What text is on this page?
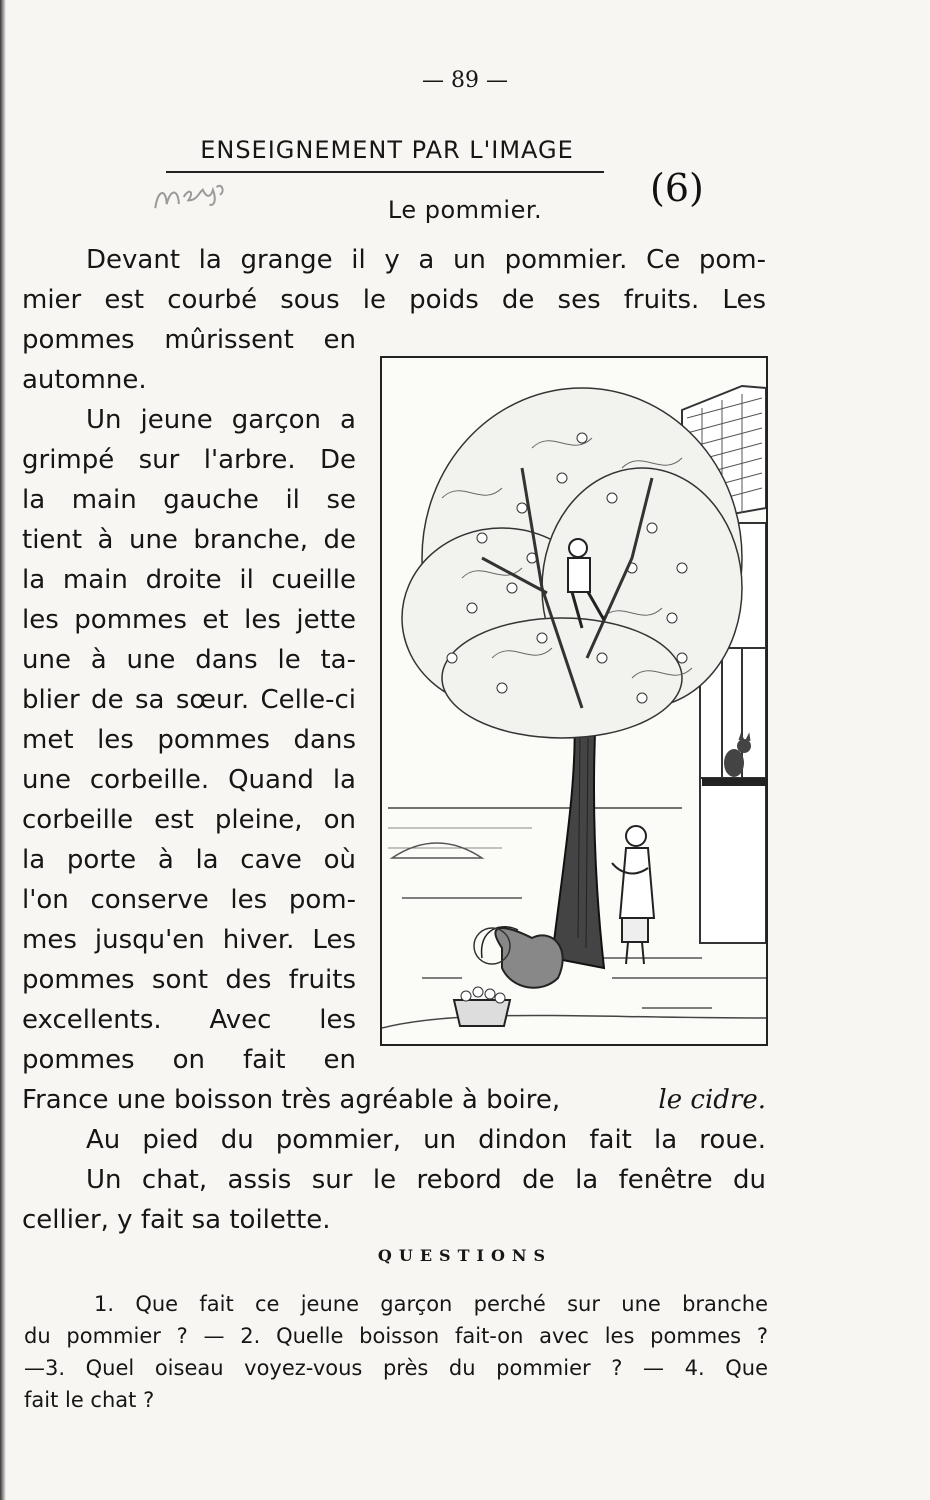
— 89 —
ENSEIGNEMENT PAR L'IMAGE
Le pommier.	(6)
Devant la grange il y a un pommier. Ce pom-
mier est courbé sous le poids de ses fruits. Les
pommes mûrissent en
automne.
Un jeune garçon a
grimpé sur l'arbre. De
la main gauche il se
tient à une branche, de
la main droite il cueille
les pommes et les jette
une à une dans le ta-
blier de sa sœur. Celle-ci
met les pommes dans
une corbeille. Quand la
corbeille est pleine, on
la porte à la cave où
l'on conserve les pom-
mes jusqu'en hiver. Les
pommes sont des fruits
excellents. Avec les
pommes on fait en
France une boisson très agréable à boire,	le cidre.
Au pied du pommier, un dindon fait la roue.
Un chat, assis sur le rebord de la fenêtre du
cellier, y fait sa toilette.
QUESTIONS
1. Que fait ce jeune garçon perché sur une branche
du pommier ? — 2. Quelle boisson fait-on avec les pommes ?
—3. Quel oiseau voyez-vous près du pommier ? — 4. Que
fait le chat ?
